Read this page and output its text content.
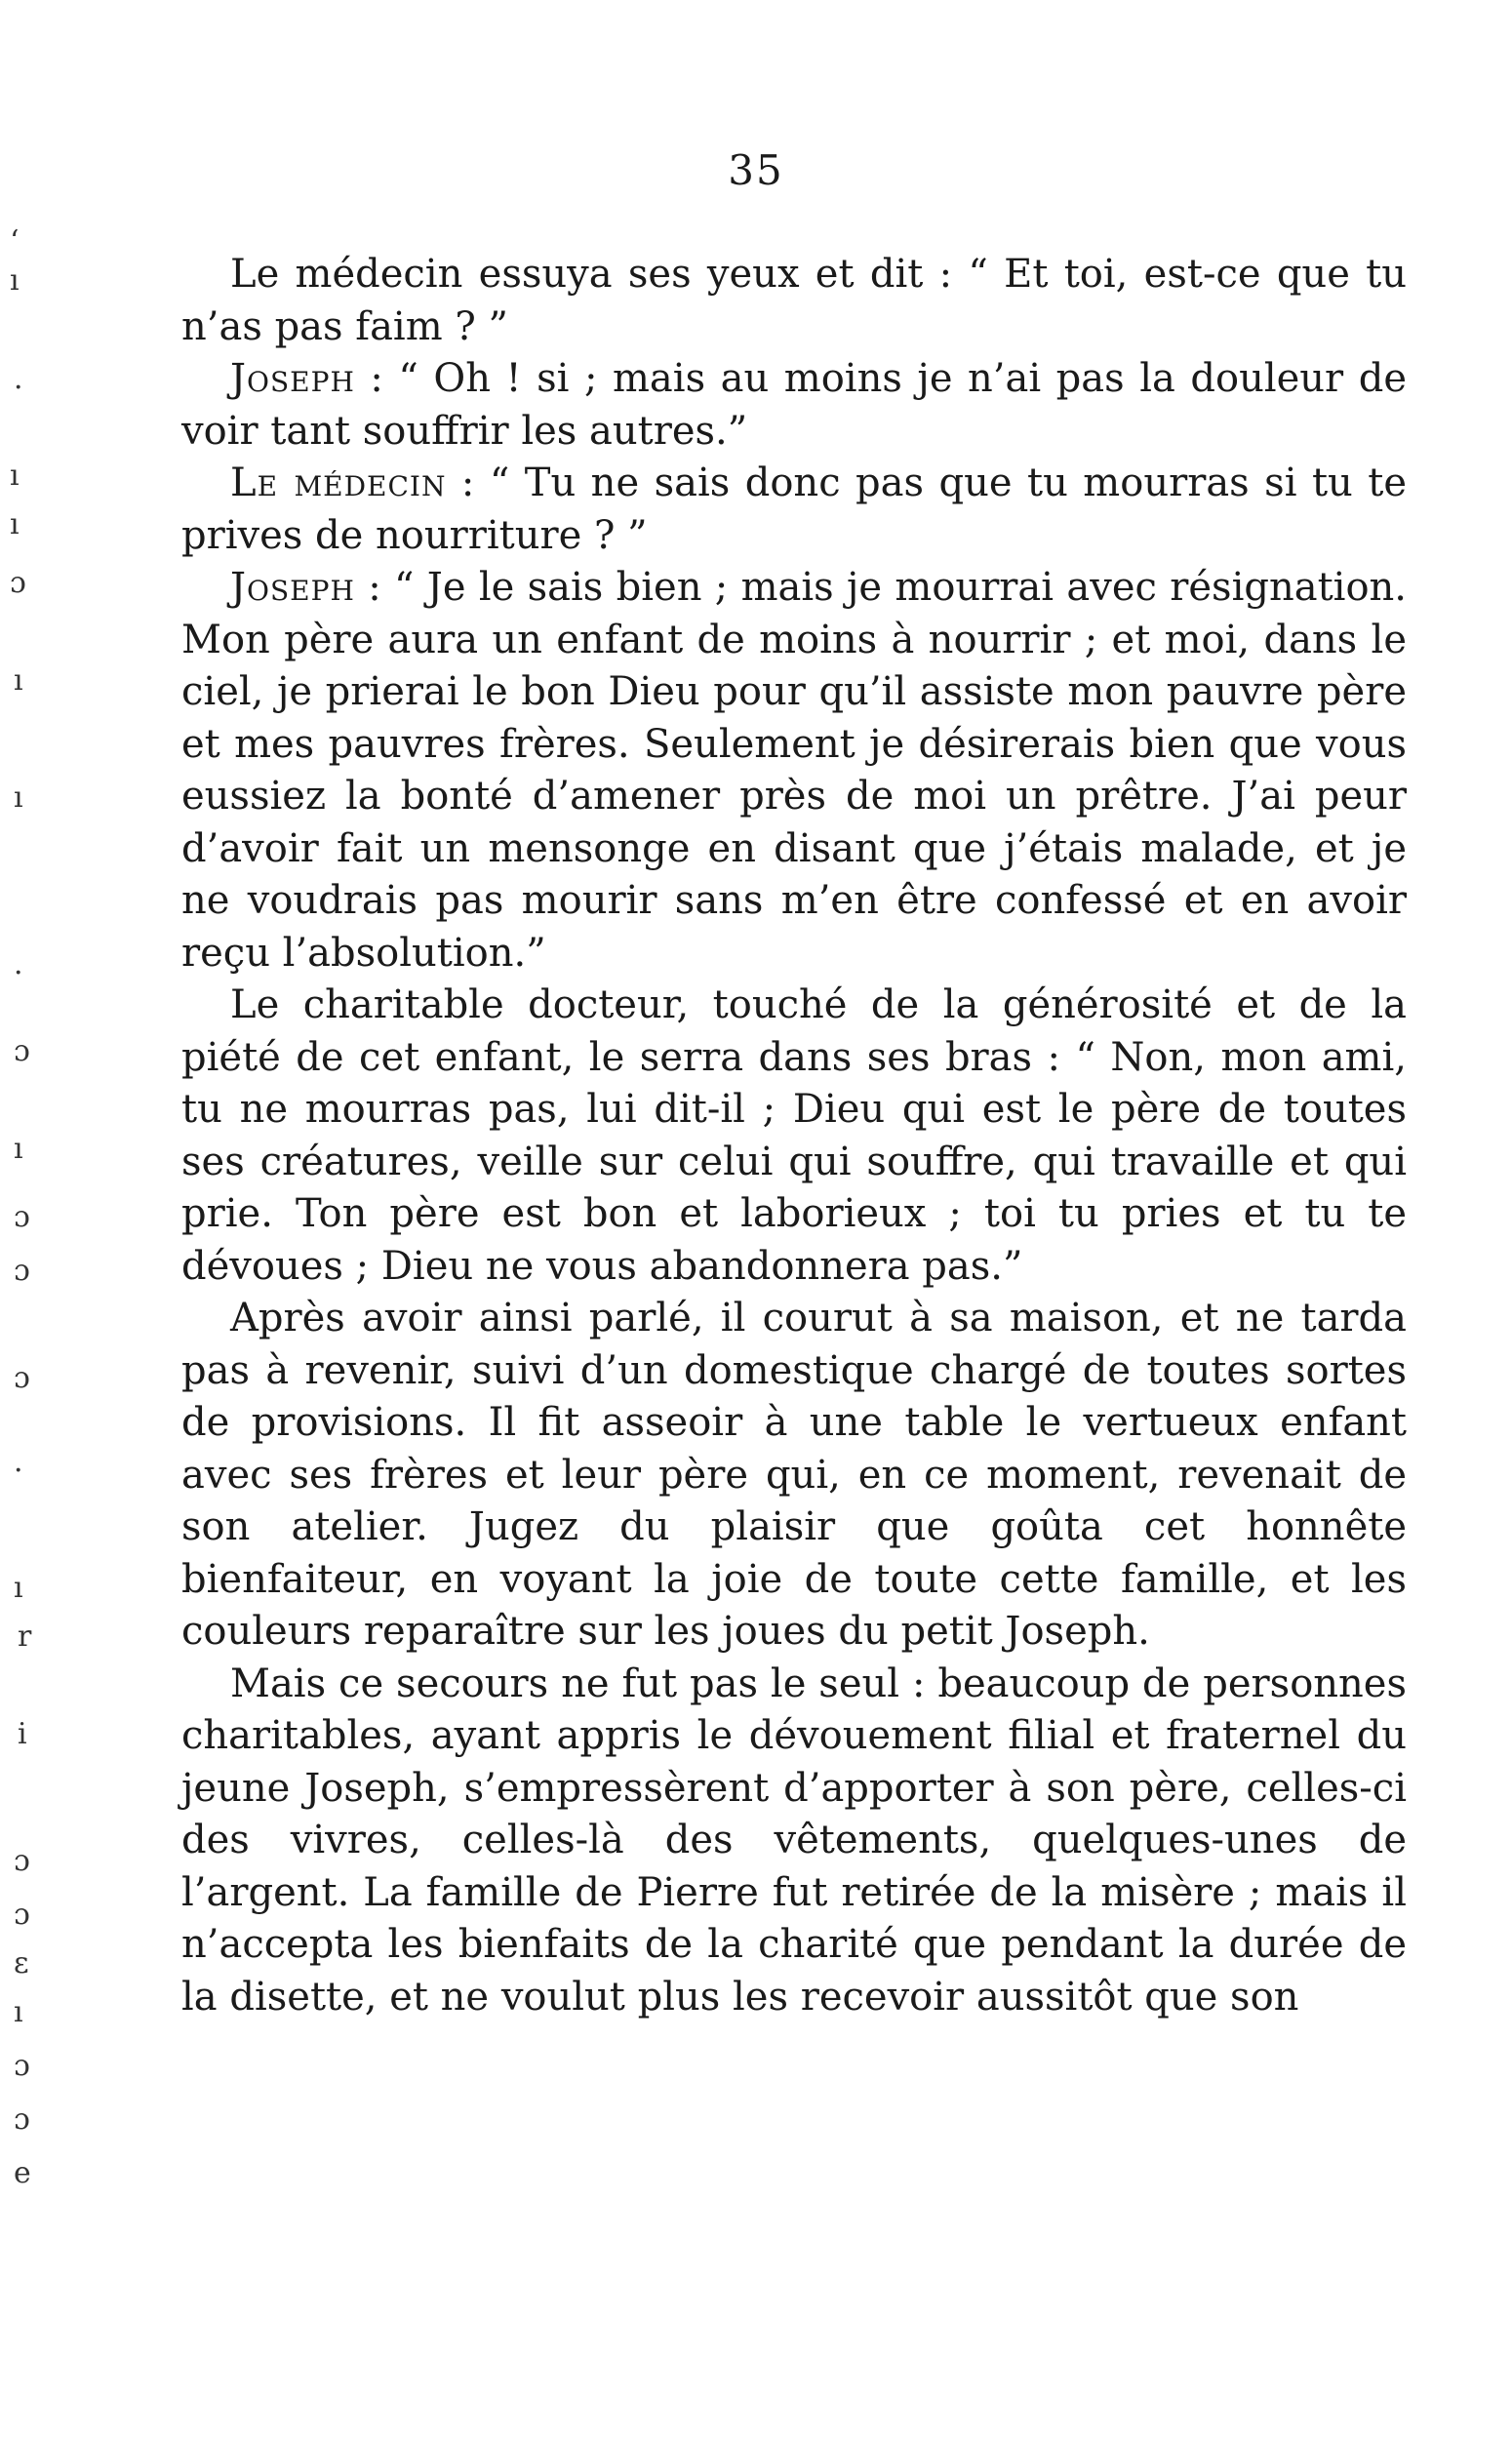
35

Le médecin essuya ses yeux et dit : “ Et toi, est-ce que tu n’as pas faim ? ”

Joseph : “ Oh ! si ; mais au moins je n’ai pas la douleur de voir tant souffrir les autres.”

Le médecin : “ Tu ne sais donc pas que tu mourras si tu te prives de nourriture ? ”

Joseph : “ Je le sais bien ; mais je mourrai avec résignation. Mon père aura un enfant de moins à nourrir ; et moi, dans le ciel, je prierai le bon Dieu pour qu’il assiste mon pauvre père et mes pauvres frères. Seulement je désirerais bien que vous eussiez la bonté d’amener près de moi un prêtre. J’ai peur d’avoir fait un mensonge en disant que j’étais malade, et je ne voudrais pas mourir sans m’en être confessé et en avoir reçu l’absolution.”

Le charitable docteur, touché de la générosité et de la piété de cet enfant, le serra dans ses bras : “ Non, mon ami, tu ne mourras pas, lui dit-il ; Dieu qui est le père de toutes ses créatures, veille sur celui qui souffre, qui travaille et qui prie. Ton père est bon et laborieux ; toi tu pries et tu te dévoues ; Dieu ne vous abandonnera pas.”

Après avoir ainsi parlé, il courut à sa maison, et ne tarda pas à revenir, suivi d’un domestique chargé de toutes sortes de provisions. Il fit asseoir à une table le vertueux enfant avec ses frères et leur père qui, en ce moment, revenait de son atelier. Jugez du plaisir que goûta cet honnête bienfaiteur, en voyant la joie de toute cette famille, et les couleurs reparaître sur les joues du petit Joseph.

Mais ce secours ne fut pas le seul : beaucoup de personnes charitables, ayant appris le dévouement filial et fraternel du jeune Joseph, s’empressèrent d’apporter à son père, celles-ci des vivres, celles-là des vêtements, quelques-unes de l’argent. La famille de Pierre fut retirée de la misère ; mais il n’accepta les bienfaits de la charité que pendant la durée de la disette, et ne voulut plus les recevoir aussitôt que son

‘
ı
ɔ
ı
ı
ı
·
ı
·
ɔ
ı
ɔ
ɔ
ɔ
·
ı
r
i
ɔ
ɔ
ɛ
ı
ɔ
ɔ
e
